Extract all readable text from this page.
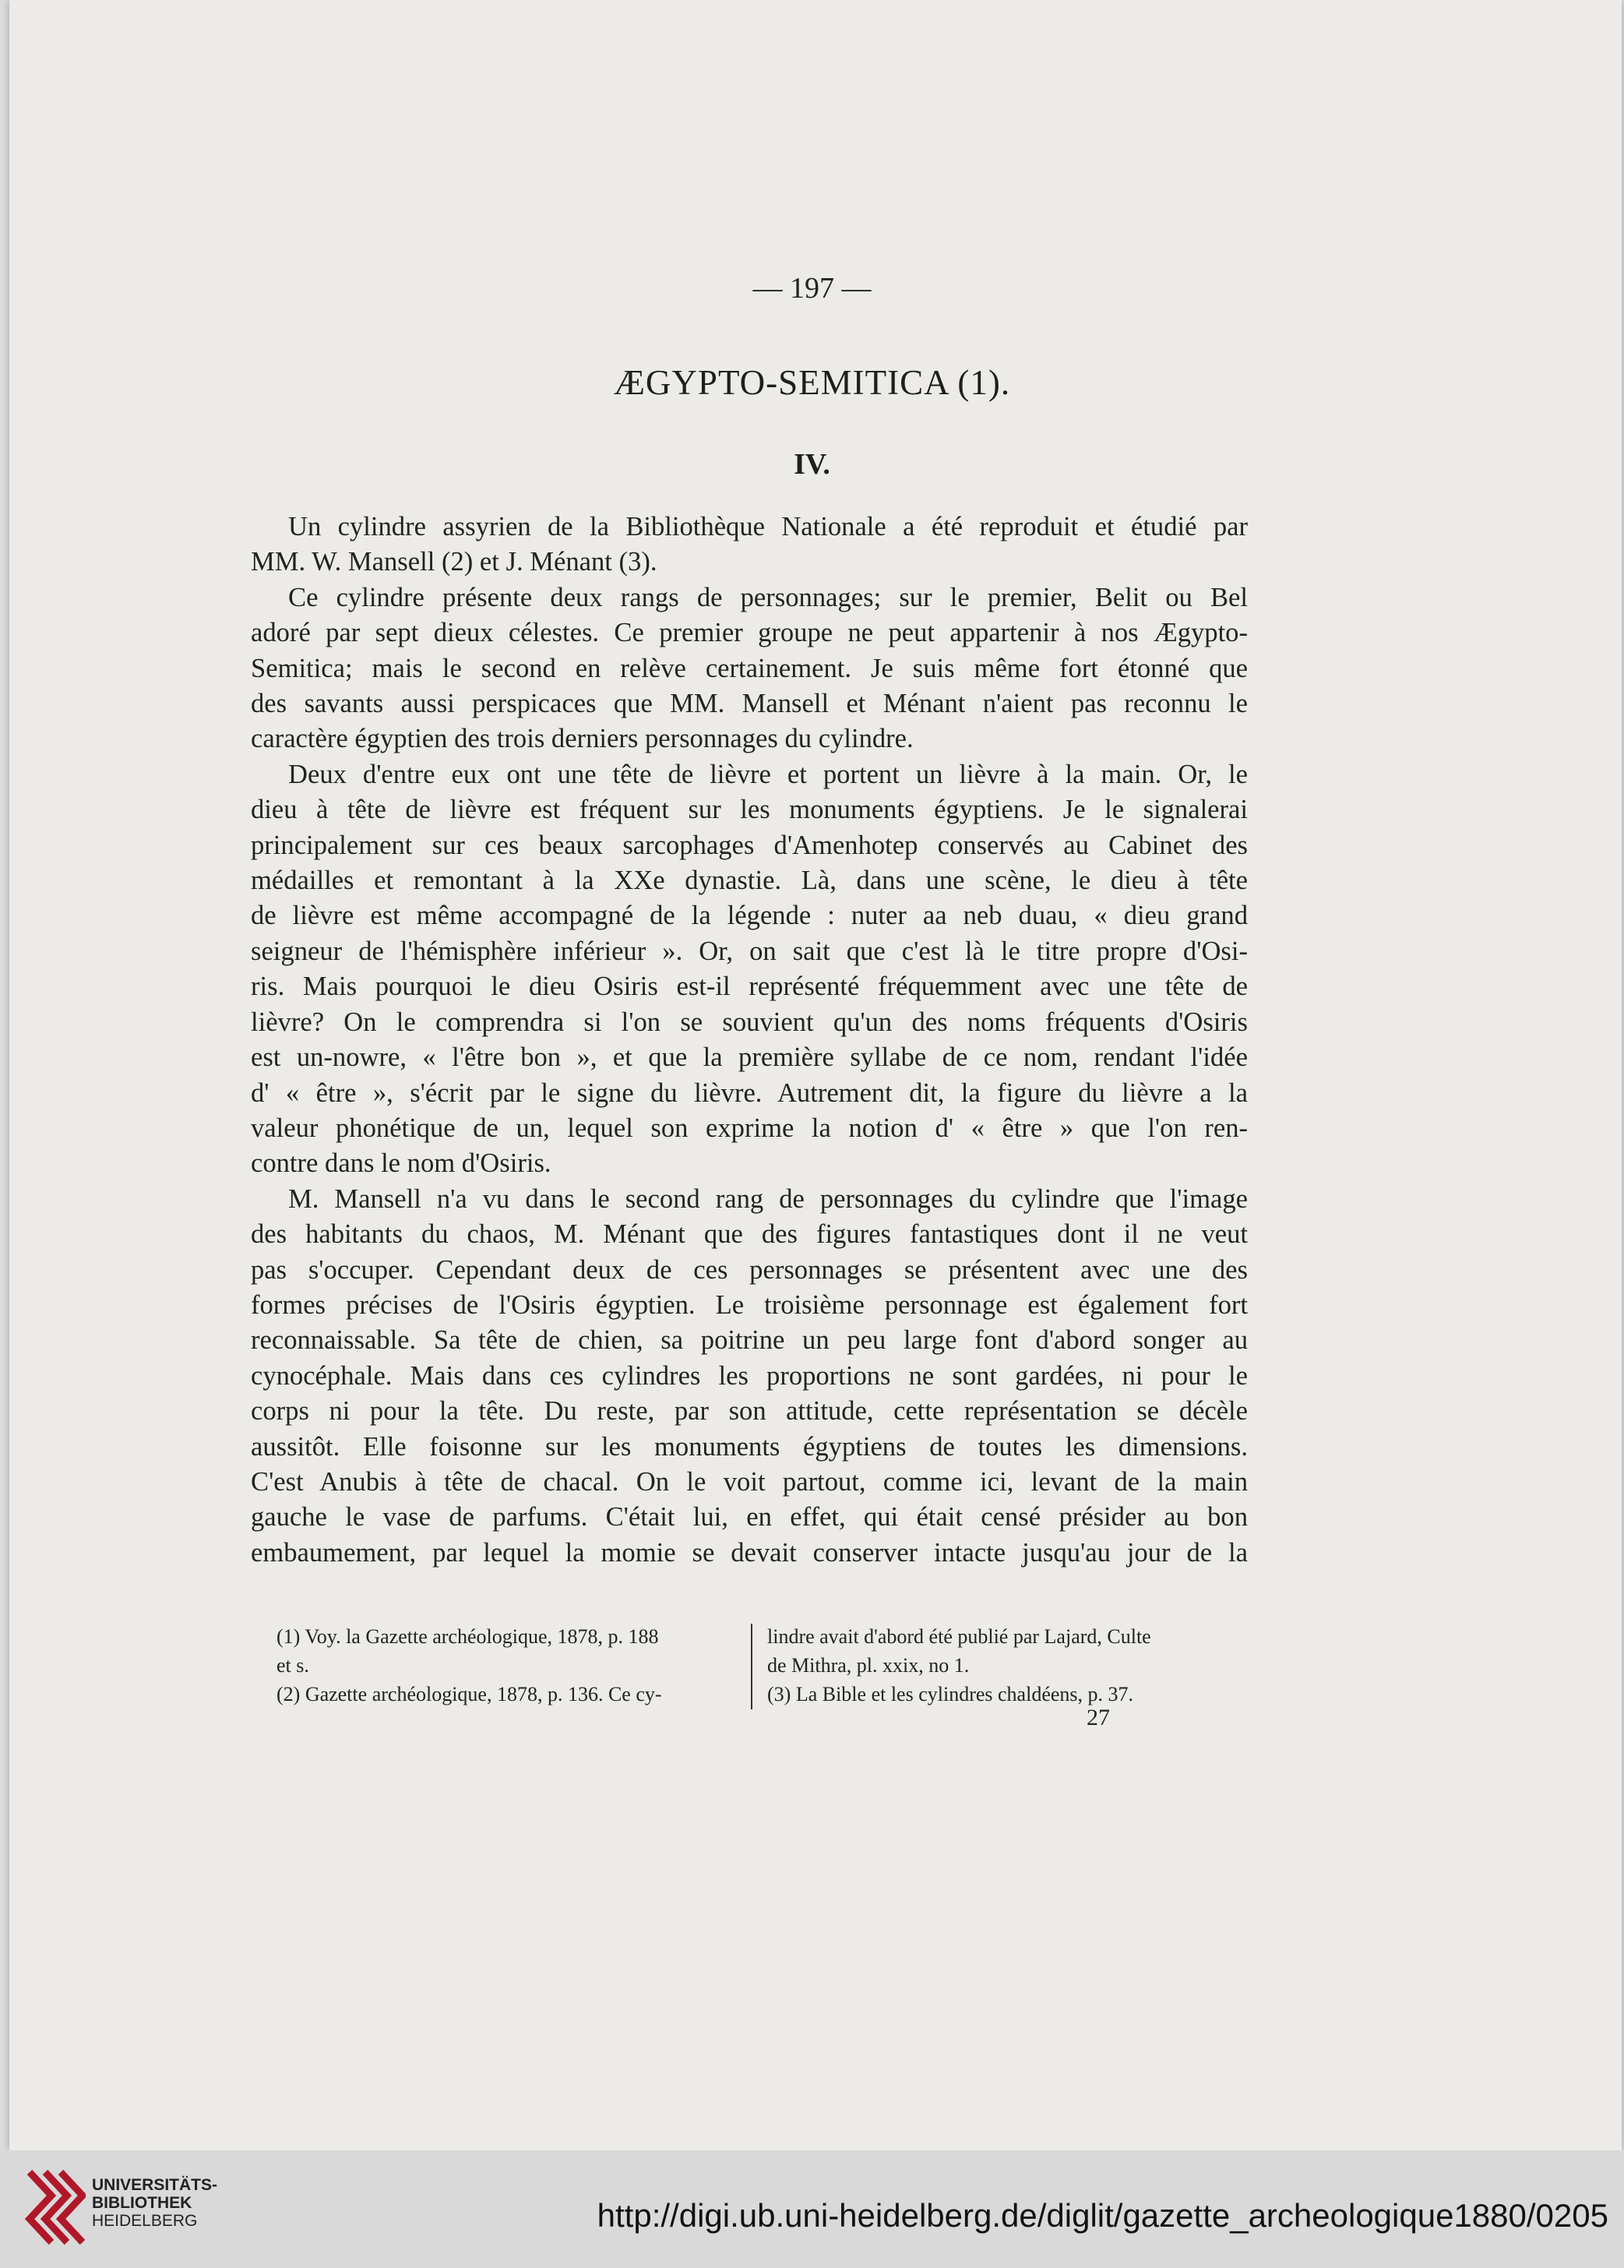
— 197 —
ÆGYPTO-SEMITICA (1).
IV.

Un cylindre assyrien de la Bibliothèque Nationale a été reproduit et étudié par
MM. W. Mansell (2) et J. Ménant (3).

Ce cylindre présente deux rangs de personnages; sur le premier, Belit ou Bel
adoré par sept dieux célestes. Ce premier groupe ne peut appartenir à nos Ægypto-
Semitica; mais le second en relève certainement. Je suis même fort étonné que
des savants aussi perspicaces que MM. Mansell et Ménant n'aient pas reconnu le
caractère égyptien des trois derniers personnages du cylindre.

Deux d'entre eux ont une tête de lièvre et portent un lièvre à la main. Or, le
dieu à tête de lièvre est fréquent sur les monuments égyptiens. Je le signalerai
principalement sur ces beaux sarcophages d'Amenhotep conservés au Cabinet des
médailles et remontant à la XXe dynastie. Là, dans une scène, le dieu à tête
de lièvre est même accompagné de la légende : nuter aa neb duau, « dieu grand
seigneur de l'hémisphère inférieur ». Or, on sait que c'est là le titre propre d'Osi-
ris. Mais pourquoi le dieu Osiris est-il représenté fréquemment avec une tête de
lièvre? On le comprendra si l'on se souvient qu'un des noms fréquents d'Osiris
est un-nowre, « l'être bon », et que la première syllabe de ce nom, rendant l'idée
d' « être », s'écrit par le signe du lièvre. Autrement dit, la figure du lièvre a la
valeur phonétique de un, lequel son exprime la notion d' « être » que l'on ren-
contre dans le nom d'Osiris.

M. Mansell n'a vu dans le second rang de personnages du cylindre que l'image
des habitants du chaos, M. Ménant que des figures fantastiques dont il ne veut
pas s'occuper. Cependant deux de ces personnages se présentent avec une des
formes précises de l'Osiris égyptien. Le troisième personnage est également fort
reconnaissable. Sa tête de chien, sa poitrine un peu large font d'abord songer au
cynocéphale. Mais dans ces cylindres les proportions ne sont gardées, ni pour le
corps ni pour la tête. Du reste, par son attitude, cette représentation se décèle
aussitôt. Elle foisonne sur les monuments égyptiens de toutes les dimensions.
C'est Anubis à tête de chacal. On le voit partout, comme ici, levant de la main
gauche le vase de parfums. C'était lui, en effet, qui était censé présider au bon
embaumement, par lequel la momie se devait conserver intacte jusqu'au jour de la

(1) Voy. la Gazette archéologique, 1878, p. 188
et s.
(2) Gazette archéologique, 1878, p. 136. Ce cy-
lindre avait d'abord été publié par Lajard, Culte
de Mithra, pl. xxix, no 1.
(3) La Bible et les cylindres chaldéens, p. 37.
27
UNIVERSITÄTS-
BIBLIOTHEK
HEIDELBERG	http://digi.ub.uni-heidelberg.de/diglit/gazette_archeologique1880/0205
